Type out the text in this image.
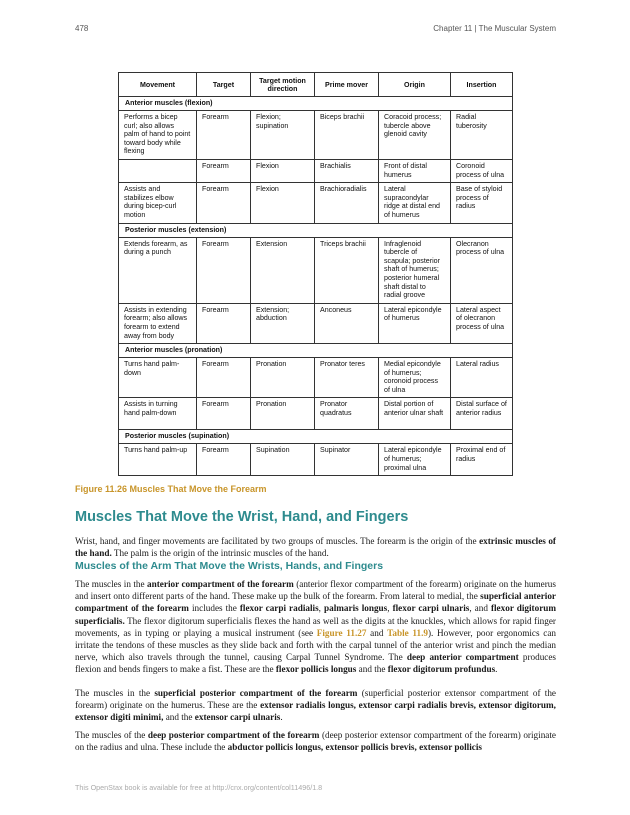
478	Chapter 11 | The Muscular System
Movement	Target	Target motion direction	Prime mover	Origin	Insertion
Anterior muscles (flexion)					
Performs a bicep curl; also allows palm of hand to point toward body while flexing	Forearm	Flexion; supination	Biceps brachii	Coracoid process; tubercle above glenoid cavity	Radial tuberosity
	Forearm	Flexion	Brachialis	Front of distal humerus	Coronoid process of ulna
Assists and stabilizes elbow during bicep-curl motion	Forearm	Flexion	Brachioradialis	Lateral supracondylar ridge at distal end of humerus	Base of styloid process of radius
Posterior muscles (extension)					
Extends forearm, as during a punch	Forearm	Extension	Triceps brachii	Infraglenoid tubercle of scapula; posterior shaft of humerus; posterior humeral shaft distal to radial groove	Olecranon process of ulna
Assists in extending forearm; also allows forearm to extend away from body	Forearm	Extension; abduction	Anconeus	Lateral epicondyle of humerus	Lateral aspect of olecranon process of ulna
Anterior muscles (pronation)					
Turns hand palm-down	Forearm	Pronation	Pronator teres	Medial epicondyle of humerus; coronoid process of ulna	Lateral radius
Assists in turning hand palm-down	Forearm	Pronation	Pronator quadratus	Distal portion of anterior ulnar shaft	Distal surface of anterior radius
Posterior muscles (supination)					
Turns hand palm-up	Forearm	Supination	Supinator	Lateral epicondyle of humerus; proximal ulna	Proximal end of radius
Figure 11.26 Muscles That Move the Forearm
Muscles That Move the Wrist, Hand, and Fingers

Wrist, hand, and finger movements are facilitated by two groups of muscles. The forearm is the origin of the extrinsic muscles of the hand. The palm is the origin of the intrinsic muscles of the hand.

Muscles of the Arm That Move the Wrists, Hands, and Fingers

The muscles in the anterior compartment of the forearm (anterior flexor compartment of the forearm) originate on the humerus and insert onto different parts of the hand. These make up the bulk of the forearm. From lateral to medial, the superficial anterior compartment of the forearm includes the flexor carpi radialis, palmaris longus, flexor carpi ulnaris, and flexor digitorum superficialis. The flexor digitorum superficialis flexes the hand as well as the digits at the knuckles, which allows for rapid finger movements, as in typing or playing a musical instrument (see Figure 11.27 and Table 11.9). However, poor ergonomics can irritate the tendons of these muscles as they slide back and forth with the carpal tunnel of the anterior wrist and pinch the median nerve, which also travels through the tunnel, causing Carpal Tunnel Syndrome. The deep anterior compartment produces flexion and bends fingers to make a fist. These are the flexor pollicis longus and the flexor digitorum profundus.

The muscles in the superficial posterior compartment of the forearm (superficial posterior extensor compartment of the forearm) originate on the humerus. These are the extensor radialis longus, extensor carpi radialis brevis, extensor digitorum, extensor digiti minimi, and the extensor carpi ulnaris.

The muscles of the deep posterior compartment of the forearm (deep posterior extensor compartment of the forearm) originate on the radius and ulna. These include the abductor pollicis longus, extensor pollicis brevis, extensor pollicis

This OpenStax book is available for free at http://cnx.org/content/col11496/1.8
